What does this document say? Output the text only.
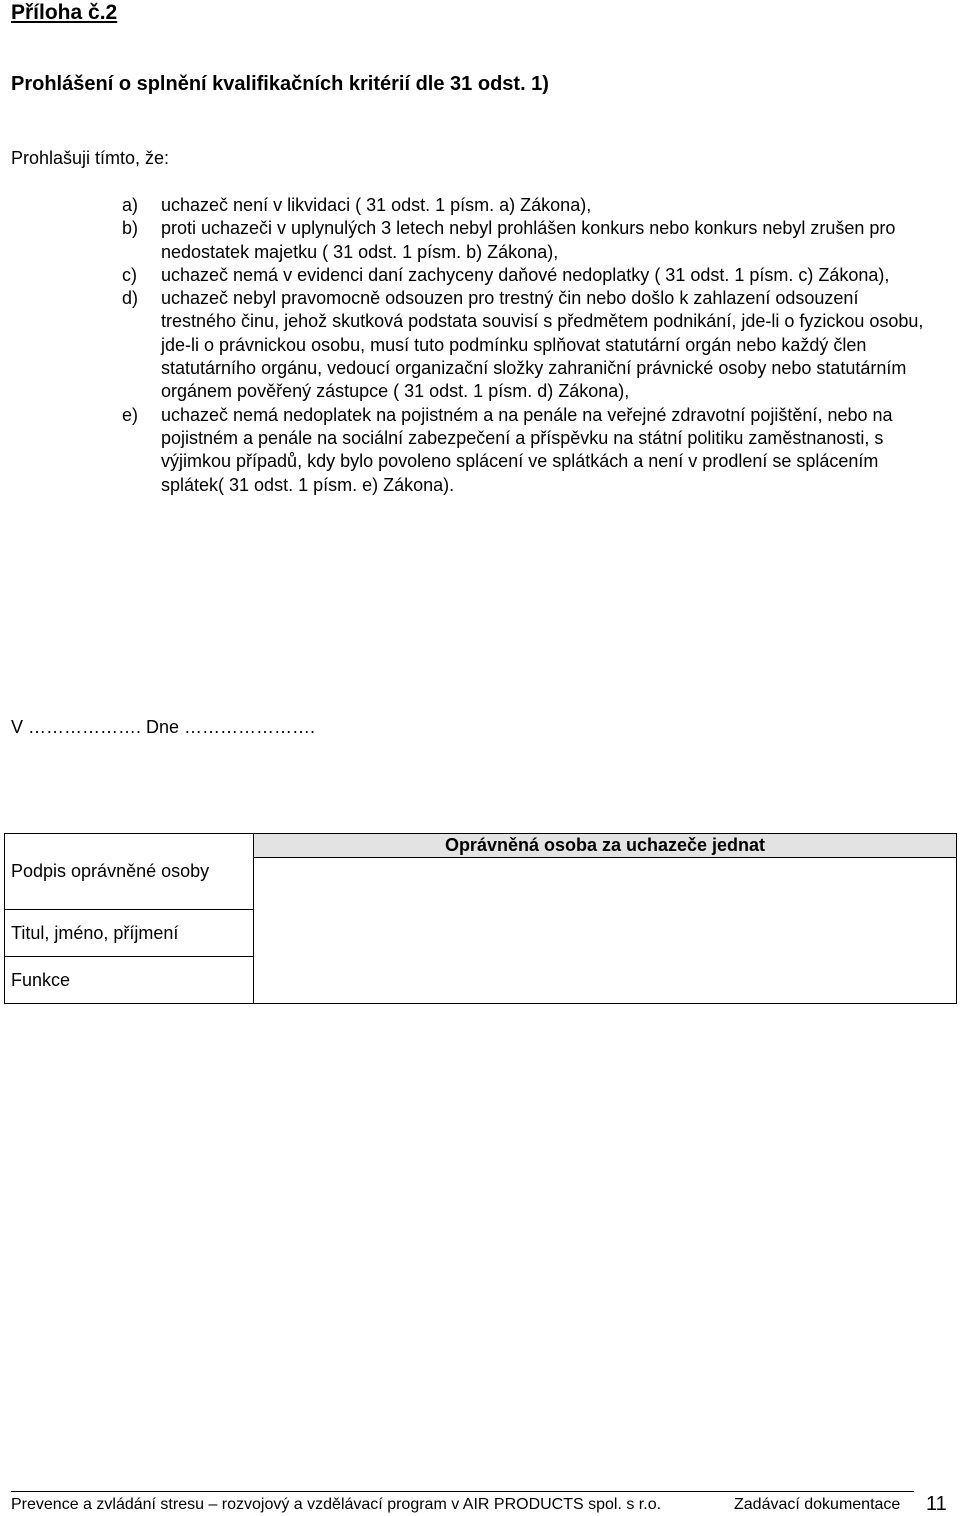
Příloha č.2
Prohlášení o splnění kvalifikačních kritérií dle 31 odst. 1)
Prohlašuji tímto, že:
a)	uchazeč není v likvidaci ( 31 odst. 1 písm. a) Zákona),
b)	proti uchazeči v uplynulých 3 letech nebyl prohlášen konkurs nebo konkurs nebyl zrušen pro nedostatek majetku ( 31 odst. 1 písm. b) Zákona),
c)	uchazeč nemá v evidenci daní zachyceny daňové nedoplatky ( 31 odst. 1 písm. c) Zákona),
d)	uchazeč nebyl pravomocně odsouzen pro trestný čin nebo došlo k zahlazení odsouzení trestného činu, jehož skutková podstata souvisí s předmětem podnikání, jde-li o fyzickou osobu, jde-li o právnickou osobu, musí tuto podmínku splňovat statutární orgán nebo každý člen statutárního orgánu, vedoucí organizační složky zahraniční právnické osoby nebo statutárním orgánem pověřený zástupce ( 31 odst. 1 písm. d) Zákona),
e)	uchazeč nemá nedoplatek na pojistném a na penále na veřejné zdravotní pojištění, nebo na pojistném a penále na sociální zabezpečení a příspěvku na státní politiku zaměstnanosti, s výjimkou případů, kdy bylo povoleno splácení ve splátkách a není v prodlení se splácením splátek( 31 odst. 1 písm. e) Zákona).
V ………………. Dne ………………….
Podpis oprávněné osoby	Oprávněná osoba za uchazeče jednat

Titul, jméno, příjmení
Funkce
Prevence a zvládání stresu – rozvojový a vzdělávací program v AIR PRODUCTS spol. s r.o.	Zadávací dokumentace 11
